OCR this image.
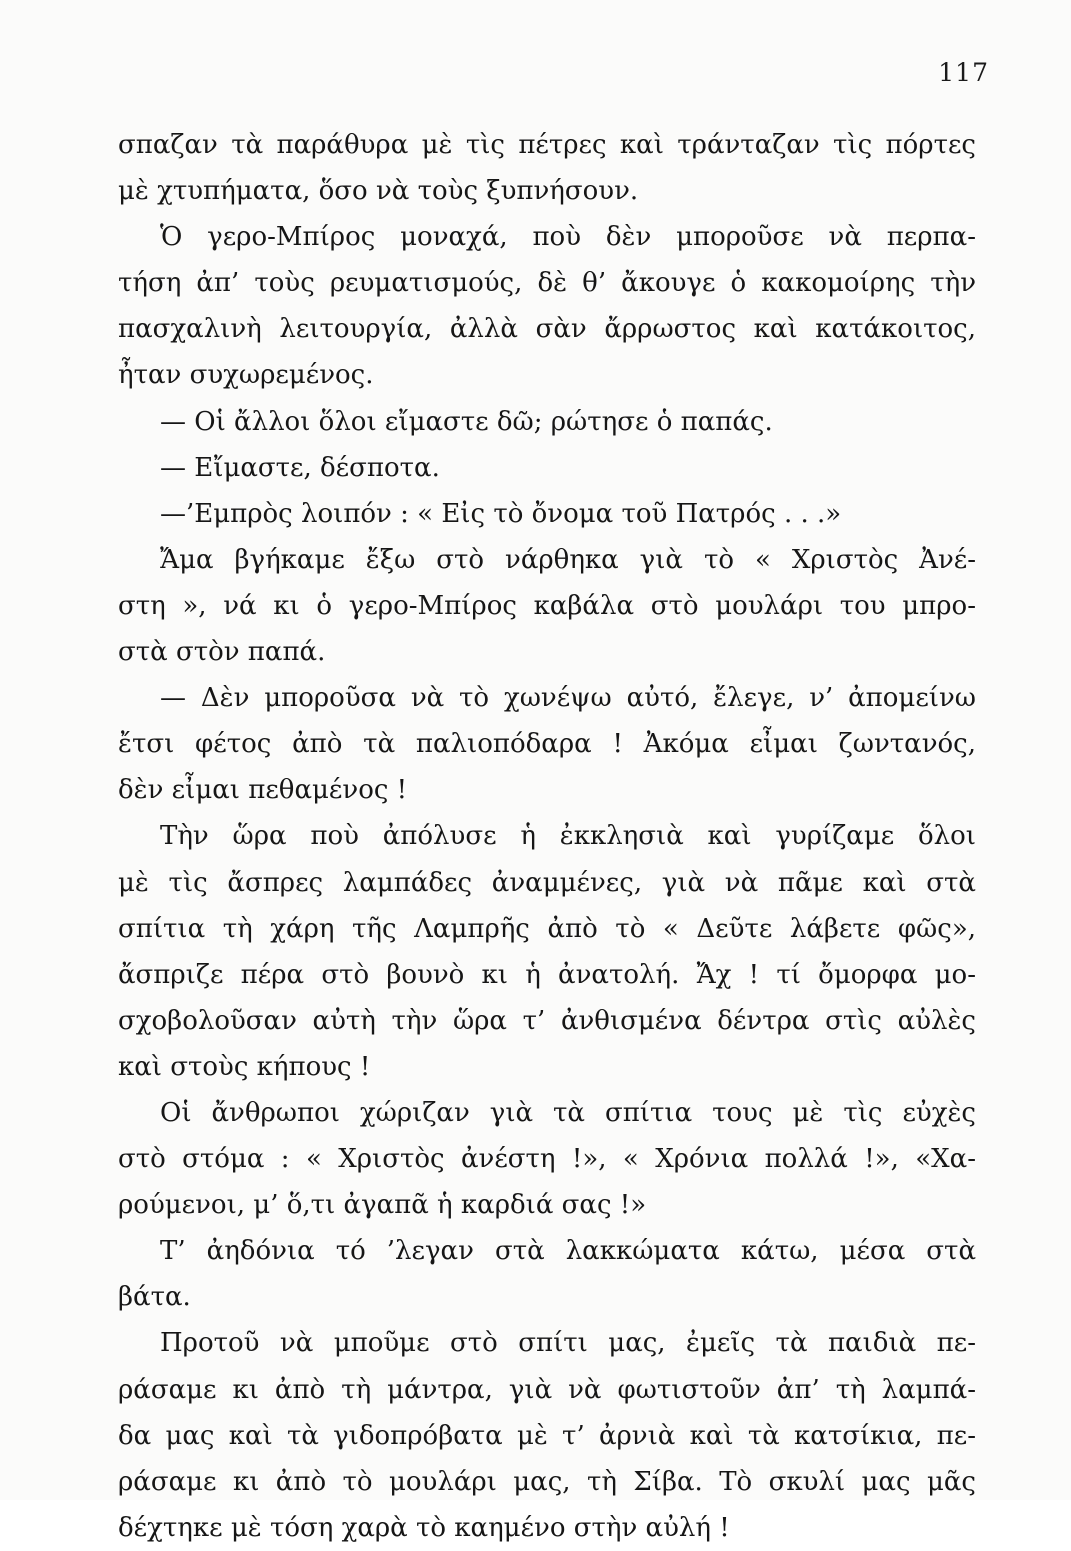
117
σπαζαν τὰ παράθυρα μὲ τὶς πέτρες καὶ τράνταζαν τὶς πόρτες
μὲ χτυπήματα, ὅσο νὰ τοὺς ξυπνήσουν.
Ὁ γερο-Μπίρος μοναχά, ποὺ δὲν μποροῦσε νὰ περπα-
τήση ἀπ’ τοὺς ρευματισμούς, δὲ θ’ ἄκουγε ὁ κακομοίρης τὴν
πασχαλινὴ λειτουργία, ἀλλὰ σὰν ἄρρωστος καὶ κατάκοιτος,
ἦταν συχωρεμένος.
— Οἱ ἄλλοι ὅλοι εἴμαστε δῶ; ρώτησε ὁ παπάς.
— Εἴμαστε, δέσποτα.
—’Εμπρὸς λοιπόν : « Εἰς τὸ ὄνομα τοῦ Πατρός . . .»
Ἄμα βγήκαμε ἔξω στὸ νάρθηκα γιὰ τὸ « Χριστὸς Ἀνέ-
στη », νά κι ὁ γερο-Μπίρος καβάλα στὸ μουλάρι του μπρο-
στὰ στὸν παπά.
— Δὲν μποροῦσα νὰ τὸ χωνέψω αὐτό, ἔλεγε, ν’ ἀπομείνω
ἔτσι φέτος ἀπὸ τὰ παλιοπόδαρα ! Ἀκόμα εἶμαι ζωντανός,
δὲν εἶμαι πεθαμένος !
Τὴν ὥρα ποὺ ἀπόλυσε ἡ ἐκκλησιὰ καὶ γυρίζαμε ὅλοι
μὲ τὶς ἄσπρες λαμπάδες ἀναμμένες, γιὰ νὰ πᾶμε καὶ στὰ
σπίτια τὴ χάρη τῆς Λαμπρῆς ἀπὸ τὸ « Δεῦτε λάβετε φῶς»,
ἄσπριζε πέρα στὸ βουνὸ κι ἡ ἀνατολή. Ἄχ ! τί ὄμορφα μο-
σχοβολοῦσαν αὐτὴ τὴν ὥρα τ’ ἀνθισμένα δέντρα στὶς αὐλὲς
καὶ στοὺς κήπους !
Οἱ ἄνθρωποι χώριζαν γιὰ τὰ σπίτια τους μὲ τὶς εὐχὲς
στὸ στόμα : « Χριστὸς ἀνέστη !», « Χρόνια πολλά !», «Χα-
ρούμενοι, μ’ ὅ,τι ἀγαπᾶ ἡ καρδιά σας !»
Τ’ ἀηδόνια τό ’λεγαν στὰ λακκώματα κάτω, μέσα στὰ
βάτα.
Προτοῦ νὰ μποῦμε στὸ σπίτι μας, ἐμεῖς τὰ παιδιὰ πε-
ράσαμε κι ἀπὸ τὴ μάντρα, γιὰ νὰ φωτιστοῦν ἀπ’ τὴ λαμπά-
δα μας καὶ τὰ γιδοπρόβατα μὲ τ’ ἀρνιὰ καὶ τὰ κατσίκια, πε-
ράσαμε κι ἀπὸ τὸ μουλάρι μας, τὴ Σίβα. Τὸ σκυλί μας μᾶς
δέχτηκε μὲ τόση χαρὰ τὸ καημένο στὴν αὐλή !
